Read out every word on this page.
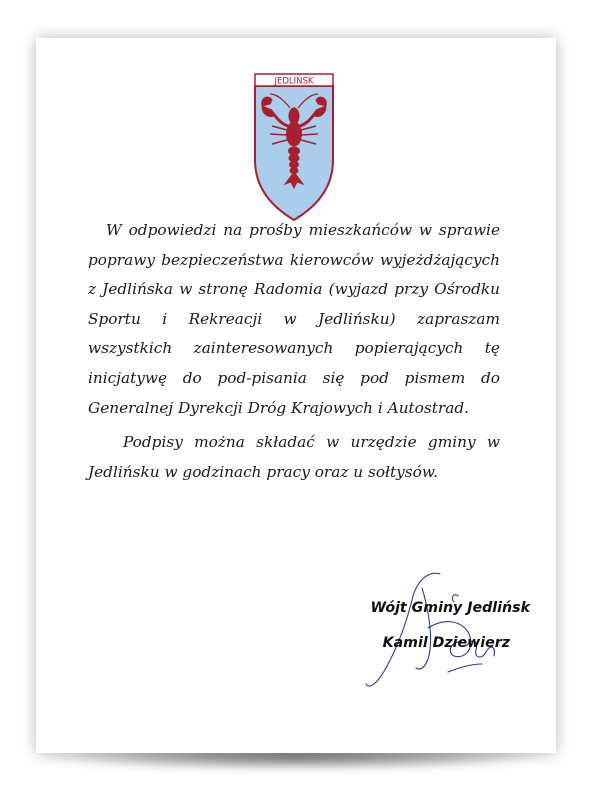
JEDLIŃSK

W odpowiedzi na prośby mieszkańców w sprawie poprawy bezpieczeństwa kierowców wyjeżdżających z Jedlińska w stronę Radomia (wyjazd przy Ośrodku Sportu i Rekreacji w Jedlińsku) zapraszam wszystkich zainteresowanych popierających tę inicjatywę do pod-pisania się pod pismem do Generalnej Dyrekcji Dróg Krajowych i Autostrad.

Podpisy można składać w urzędzie gminy w Jedlińsku w godzinach pracy oraz u sołtysów.

Wójt Gminy Jedlińsk
Kamil Dziewierz
